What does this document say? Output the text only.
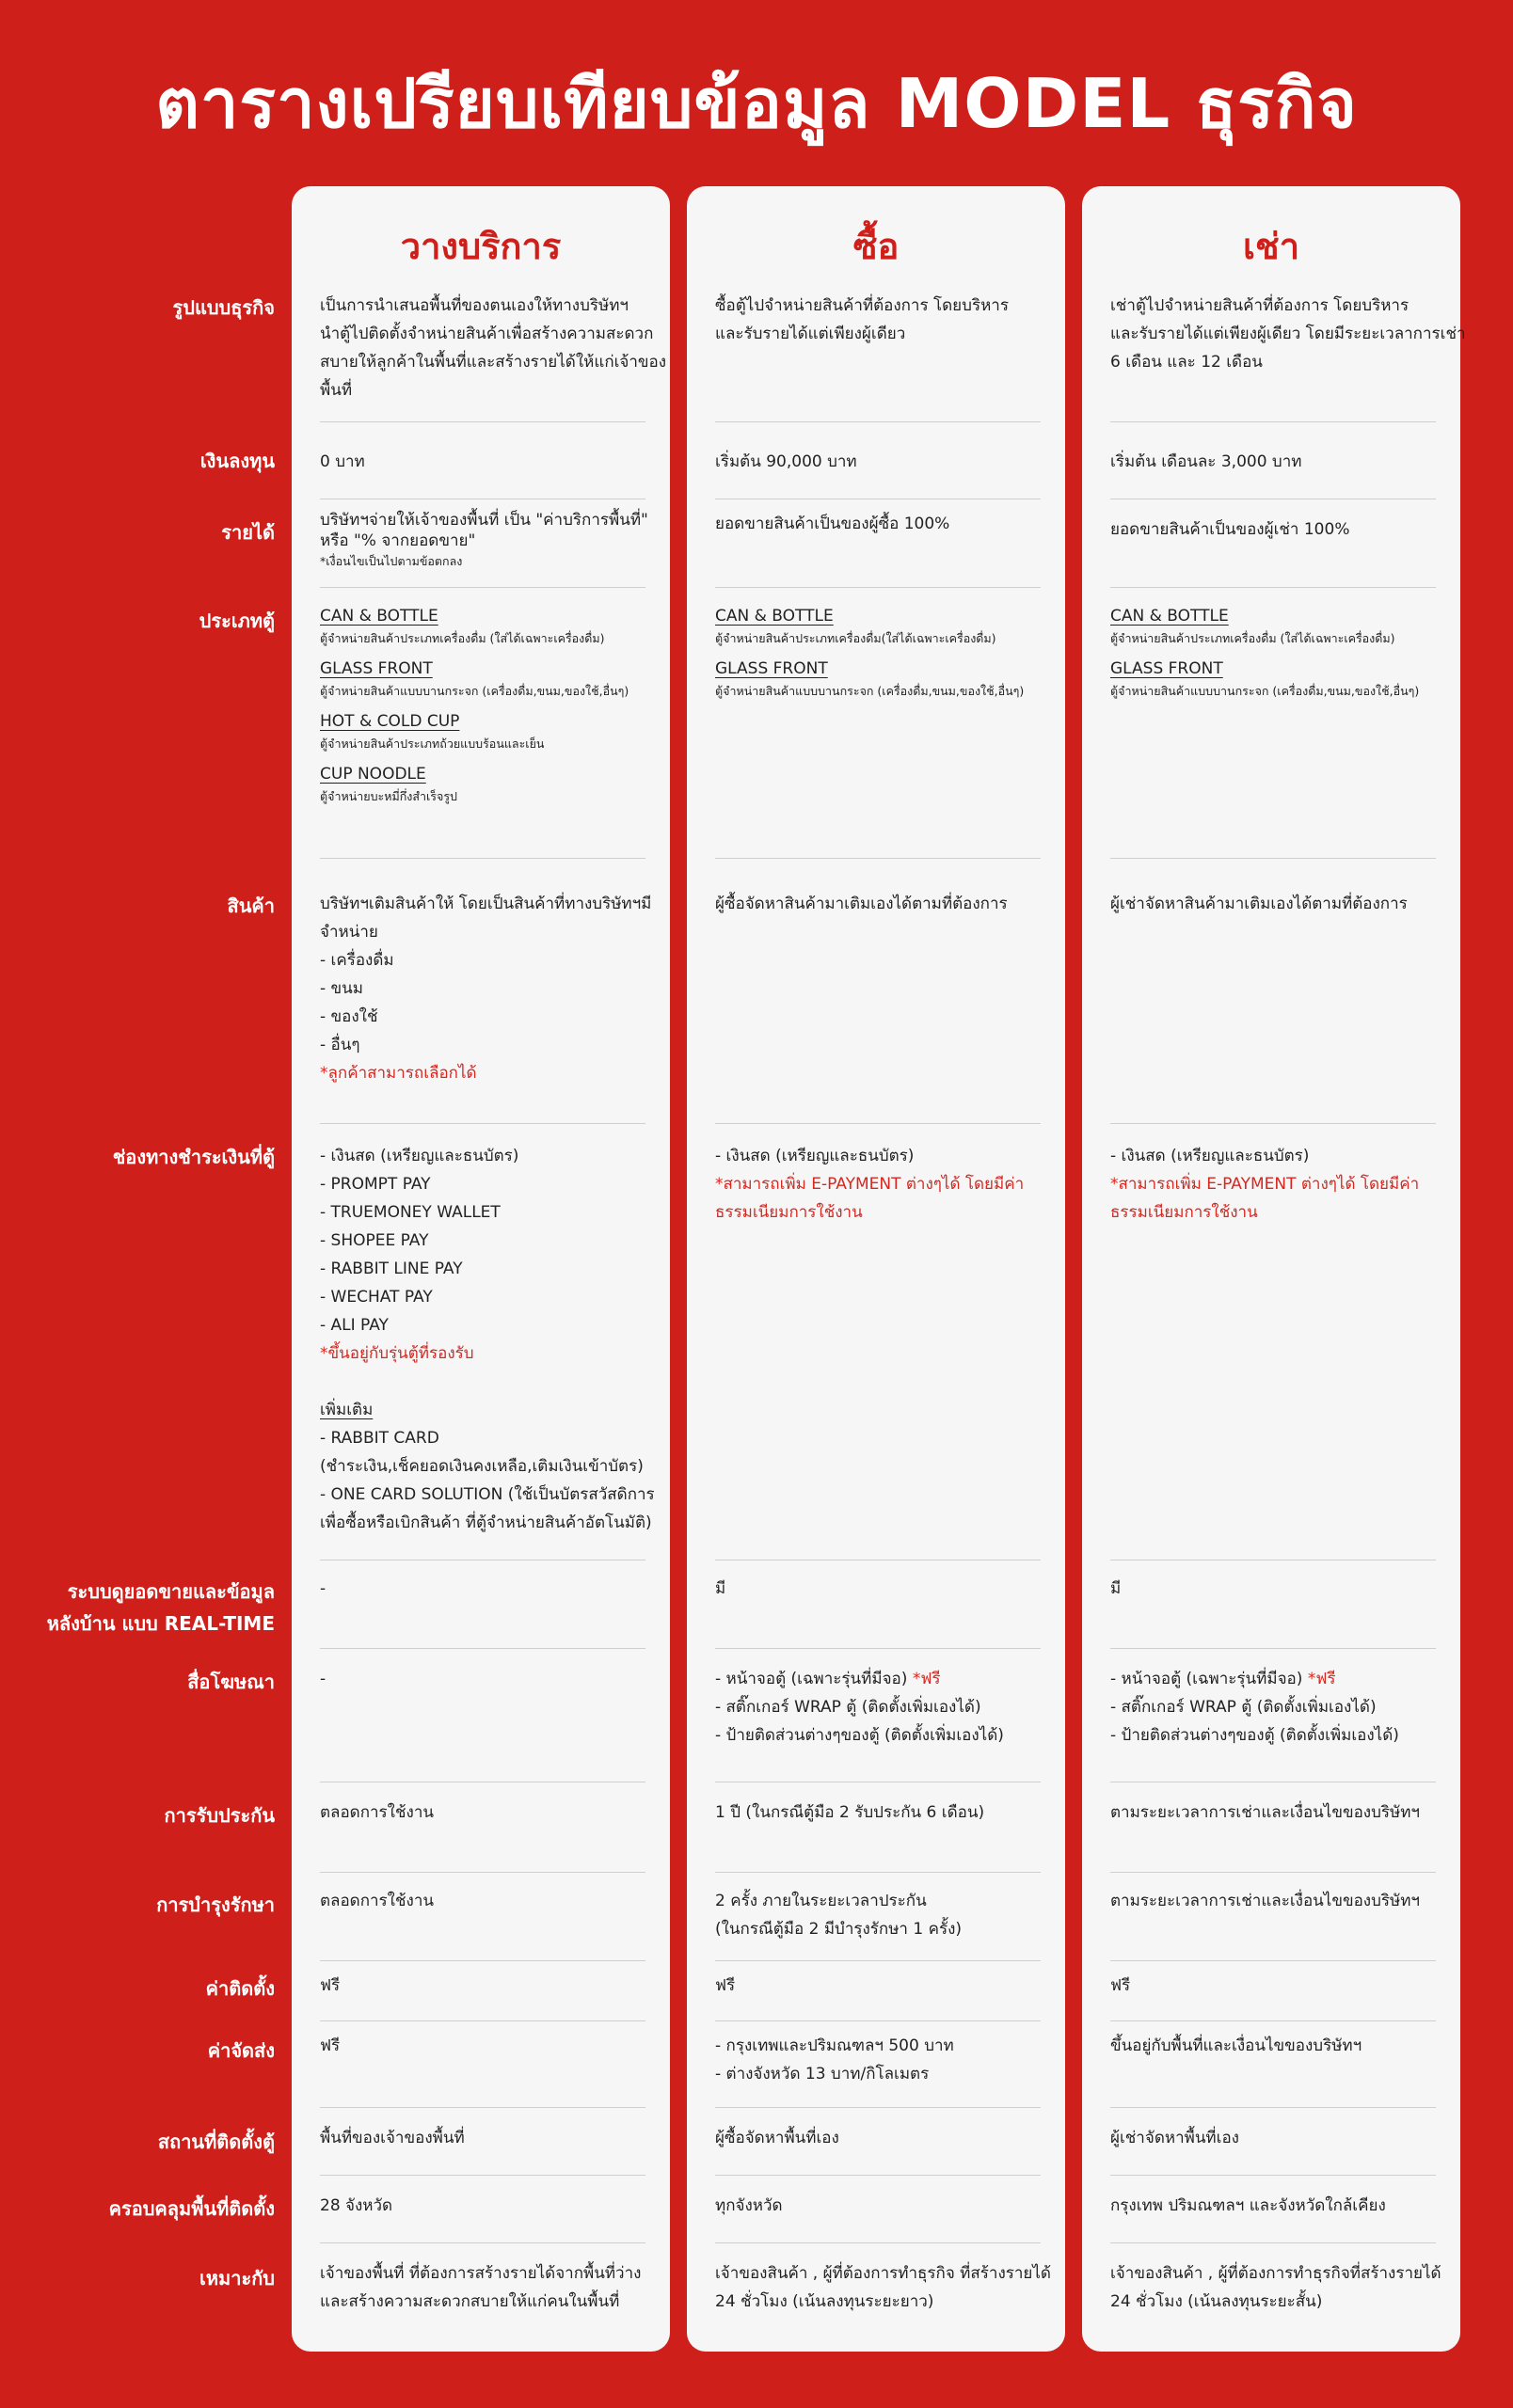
ตารางเปรียบเทียบข้อมูล MODEL ธุรกิจ
รูปแบบธุรกิจ
เงินลงทุน
รายได้
ประเภทตู้
สินค้า
ช่องทางชำระเงินที่ตู้
ระบบดูยอดขายและข้อมูล
หลังบ้าน แบบ REAL-TIME
สื่อโฆษณา
การรับประกัน
การบำรุงรักษา
ค่าติดตั้ง
ค่าจัดส่ง
สถานที่ติดตั้งตู้
ครอบคลุมพื้นที่ติดตั้ง
เหมาะกับ
วางบริการ
เป็นการนำเสนอพื้นที่ของตนเองให้ทางบริษัทฯ
นำตู้ไปติดตั้งจำหน่ายสินค้าเพื่อสร้างความสะดวก
สบายให้ลูกค้าในพื้นที่และสร้างรายได้ให้แก่เจ้าของ
พื้นที่
0 บาท
บริษัทฯจ่ายให้เจ้าของพื้นที่ เป็น "ค่าบริการพื้นที่"
หรือ "% จากยอดขาย"
*เงื่อนไขเป็นไปตามข้อตกลง
CAN & BOTTLE
ตู้จำหน่ายสินค้าประเภทเครื่องดื่ม (ใส่ได้เฉพาะเครื่องดื่ม)
GLASS FRONT
ตู้จำหน่ายสินค้าแบบบานกระจก (เครื่องดื่ม,ขนม,ของใช้,อื่นๆ)
HOT & COLD CUP
ตู้จำหน่ายสินค้าประเภทถ้วยแบบร้อนและเย็น
CUP NOODLE
ตู้จำหน่ายบะหมี่กึ่งสำเร็จรูป
บริษัทฯเติมสินค้าให้ โดยเป็นสินค้าที่ทางบริษัทฯมี
จำหน่าย
- เครื่องดื่ม
- ขนม
- ของใช้
- อื่นๆ
*ลูกค้าสามารถเลือกได้
- เงินสด (เหรียญและธนบัตร)
- PROMPT PAY
- TRUEMONEY WALLET
- SHOPEE PAY
- RABBIT LINE PAY
- WECHAT PAY
- ALI PAY
*ขึ้นอยู่กับรุ่นตู้ที่รองรับ
เพิ่มเติม
- RABBIT CARD
(ชำระเงิน,เช็คยอดเงินคงเหลือ,เติมเงินเข้าบัตร)
- ONE CARD SOLUTION (ใช้เป็นบัตรสวัสดิการ
เพื่อซื้อหรือเบิกสินค้า ที่ตู้จำหน่ายสินค้าอัตโนมัติ)
-
-
ตลอดการใช้งาน
ตลอดการใช้งาน
ฟรี
ฟรี
พื้นที่ของเจ้าของพื้นที่
28 จังหวัด
เจ้าของพื้นที่ ที่ต้องการสร้างรายได้จากพื้นที่ว่าง
และสร้างความสะดวกสบายให้แก่คนในพื้นที่
ซื้อ
ซื้อตู้ไปจำหน่ายสินค้าที่ต้องการ โดยบริหาร
และรับรายได้แต่เพียงผู้เดียว
เริ่มต้น 90,000 บาท
ยอดขายสินค้าเป็นของผู้ซื้อ 100%
CAN & BOTTLE
ตู้จำหน่ายสินค้าประเภทเครื่องดื่ม(ใส่ได้เฉพาะเครื่องดื่ม)
GLASS FRONT
ตู้จำหน่ายสินค้าแบบบานกระจก (เครื่องดื่ม,ขนม,ของใช้,อื่นๆ)
ผู้ซื้อจัดหาสินค้ามาเติมเองได้ตามที่ต้องการ
- เงินสด (เหรียญและธนบัตร)
*สามารถเพิ่ม E-PAYMENT ต่างๆได้ โดยมีค่า
ธรรมเนียมการใช้งาน
มี
- หน้าจอตู้ (เฉพาะรุ่นที่มีจอ) *ฟรี
- สติ๊กเกอร์ WRAP ตู้ (ติดตั้งเพิ่มเองได้)
- ป้ายติดส่วนต่างๆของตู้ (ติดตั้งเพิ่มเองได้)
1 ปี (ในกรณีตู้มือ 2 รับประกัน 6 เดือน)
2 ครั้ง ภายในระยะเวลาประกัน
(ในกรณีตู้มือ 2 มีบำรุงรักษา 1 ครั้ง)
ฟรี
- กรุงเทพและปริมณฑลฯ 500 บาท
- ต่างจังหวัด 13 บาท/กิโลเมตร
ผู้ซื้อจัดหาพื้นที่เอง
ทุกจังหวัด
เจ้าของสินค้า , ผู้ที่ต้องการทำธุรกิจ ที่สร้างรายได้
24 ชั่วโมง (เน้นลงทุนระยะยาว)
เช่า
เช่าตู้ไปจำหน่ายสินค้าที่ต้องการ โดยบริหาร
และรับรายได้แต่เพียงผู้เดียว โดยมีระยะเวลาการเช่า
6 เดือน และ 12 เดือน
เริ่มต้น เดือนละ 3,000 บาท
ยอดขายสินค้าเป็นของผู้เช่า 100%
CAN & BOTTLE
ตู้จำหน่ายสินค้าประเภทเครื่องดื่ม (ใส่ได้เฉพาะเครื่องดื่ม)
GLASS FRONT
ตู้จำหน่ายสินค้าแบบบานกระจก (เครื่องดื่ม,ขนม,ของใช้,อื่นๆ)
ผู้เช่าจัดหาสินค้ามาเติมเองได้ตามที่ต้องการ
- เงินสด (เหรียญและธนบัตร)
*สามารถเพิ่ม E-PAYMENT ต่างๆได้ โดยมีค่า
ธรรมเนียมการใช้งาน
มี
- หน้าจอตู้ (เฉพาะรุ่นที่มีจอ) *ฟรี
- สติ๊กเกอร์ WRAP ตู้ (ติดตั้งเพิ่มเองได้)
- ป้ายติดส่วนต่างๆของตู้ (ติดตั้งเพิ่มเองได้)
ตามระยะเวลาการเช่าและเงื่อนไขของบริษัทฯ
ตามระยะเวลาการเช่าและเงื่อนไขของบริษัทฯ
ฟรี
ขึ้นอยู่กับพื้นที่และเงื่อนไขของบริษัทฯ
ผู้เช่าจัดหาพื้นที่เอง
กรุงเทพ ปริมณฑลฯ และจังหวัดใกล้เคียง
เจ้าของสินค้า , ผู้ที่ต้องการทำธุรกิจที่สร้างรายได้
24 ชั่วโมง (เน้นลงทุนระยะสั้น)
